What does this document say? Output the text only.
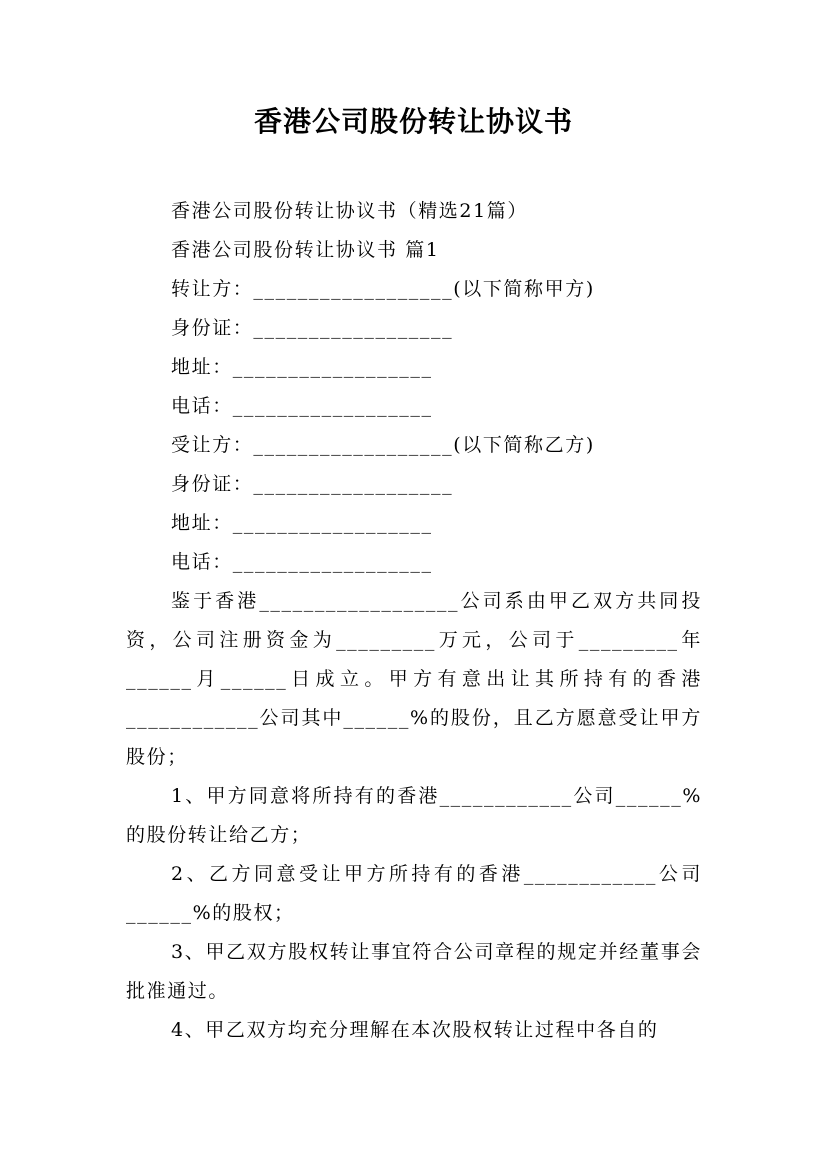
香港公司股份转让协议书
香港公司股份转让协议书（精选21篇）
香港公司股份转让协议书 篇1
转让方：__________________(以下简称甲方)
身份证：__________________
地址：__________________
电话：__________________
受让方：__________________(以下简称乙方)
身份证：__________________
地址：__________________
电话：__________________
鉴于香港__________________公司系由甲乙双方共同投资，公司注册资金为_________万元，公司于_________年______月______日成立。甲方有意出让其所持有的香港____________公司其中______%的股份，且乙方愿意受让甲方股份；
1、甲方同意将所持有的香港____________公司______%的股份转让给乙方；
2、乙方同意受让甲方所持有的香港____________公司______%的股权；
3、甲乙双方股权转让事宜符合公司章程的规定并经董事会批准通过。
4、甲乙双方均充分理解在本次股权转让过程中各自的
